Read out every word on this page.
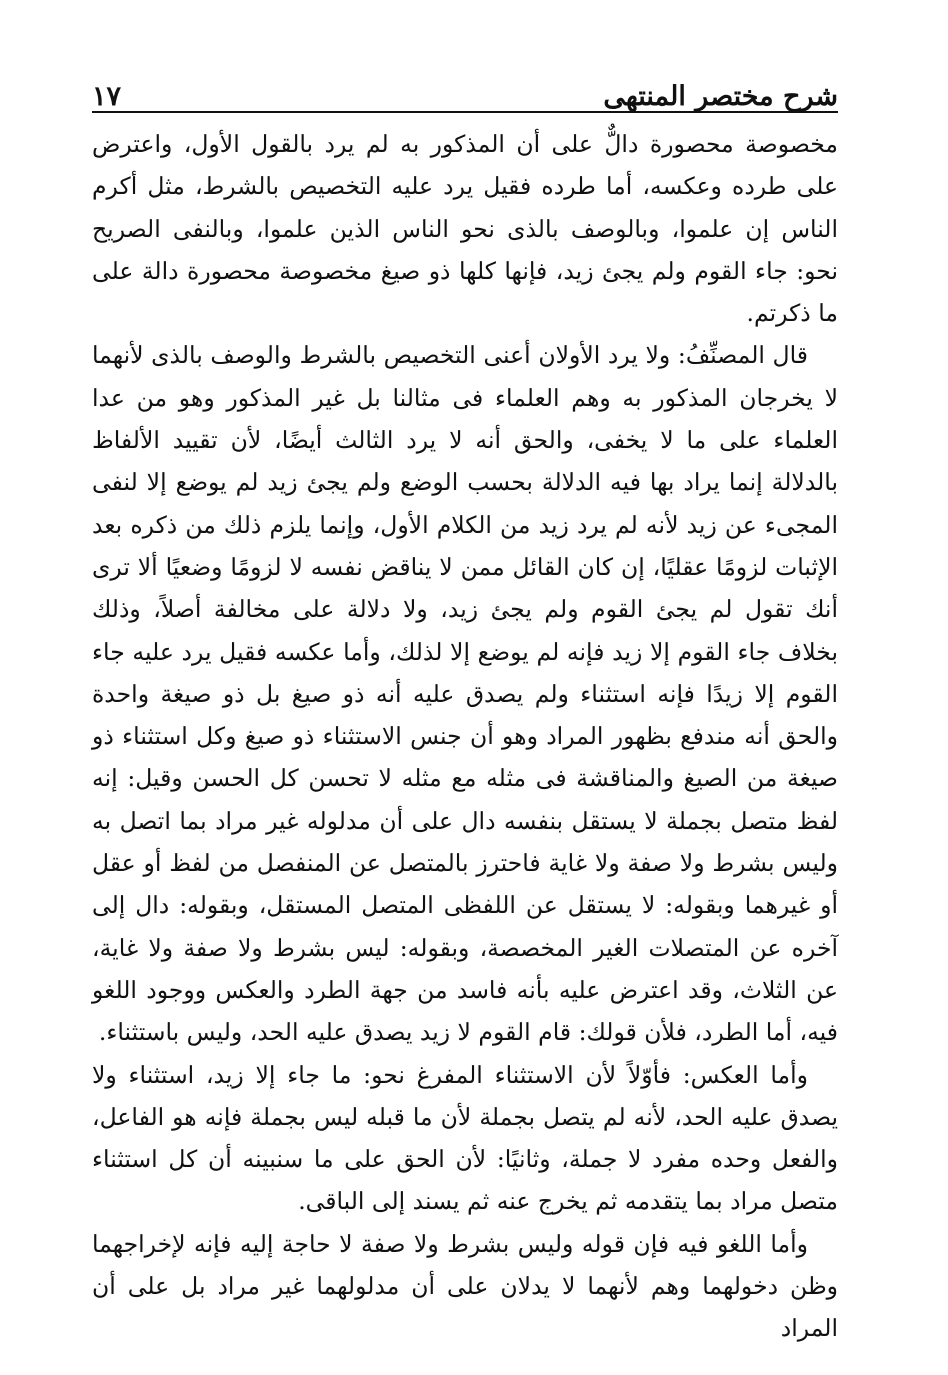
شرح مختصر المنتهى
١٧

مخصوصة محصورة دالٌّ على أن المذكور به لم يرد بالقول الأول، واعترض على طرده وعكسه، أما طرده فقيل يرد عليه التخصيص بالشرط، مثل أكرم الناس إن علموا، وبالوصف بالذى نحو الناس الذين علموا، وبالنفى الصريح نحو: جاء القوم ولم يجئ زيد، فإنها كلها ذو صيغ مخصوصة محصورة دالة على ما ذكرتم.

قال المصنِّفُ: ولا يرد الأولان أعنى التخصيص بالشرط والوصف بالذى لأنهما لا يخرجان المذكور به وهم العلماء فى مثالنا بل غير المذكور وهو من عدا العلماء على ما لا يخفى، والحق أنه لا يرد الثالث أيضًا، لأن تقييد الألفاظ بالدلالة إنما يراد بها فيه الدلالة بحسب الوضع ولم يجئ زيد لم يوضع إلا لنفى المجىء عن زيد لأنه لم يرد زيد من الكلام الأول، وإنما يلزم ذلك من ذكره بعد الإثبات لزومًا عقليًا، إن كان القائل ممن لا يناقض نفسه لا لزومًا وضعيًا ألا ترى أنك تقول لم يجئ القوم ولم يجئ زيد، ولا دلالة على مخالفة أصلاً، وذلك بخلاف جاء القوم إلا زيد فإنه لم يوضع إلا لذلك، وأما عكسه فقيل يرد عليه جاء القوم إلا زيدًا فإنه استثناء ولم يصدق عليه أنه ذو صيغ بل ذو صيغة واحدة والحق أنه مندفع بظهور المراد وهو أن جنس الاستثناء ذو صيغ وكل استثناء ذو صيغة من الصيغ والمناقشة فى مثله مع مثله لا تحسن كل الحسن وقيل: إنه لفظ متصل بجملة لا يستقل بنفسه دال على أن مدلوله غير مراد بما اتصل به وليس بشرط ولا صفة ولا غاية فاحترز بالمتصل عن المنفصل من لفظ أو عقل أو غيرهما وبقوله: لا يستقل عن اللفظى المتصل المستقل، وبقوله: دال إلى آخره عن المتصلات الغير المخصصة، وبقوله: ليس بشرط ولا صفة ولا غاية، عن الثلاث، وقد اعترض عليه بأنه فاسد من جهة الطرد والعكس ووجود اللغو فيه، أما الطرد، فلأن قولك: قام القوم لا زيد يصدق عليه الحد، وليس باستثناء.

وأما العكس: فأوّلاً لأن الاستثناء المفرغ نحو: ما جاء إلا زيد، استثناء ولا يصدق عليه الحد، لأنه لم يتصل بجملة لأن ما قبله ليس بجملة فإنه هو الفاعل، والفعل وحده مفرد لا جملة، وثانيًا: لأن الحق على ما سنبينه أن كل استثناء متصل مراد بما يتقدمه ثم يخرج عنه ثم يسند إلى الباقى.

وأما اللغو فيه فإن قوله وليس بشرط ولا صفة لا حاجة إليه فإنه لإخراجهما وظن دخولهما وهم لأنهما لا يدلان على أن مدلولهما غير مراد بل على أن المراد
